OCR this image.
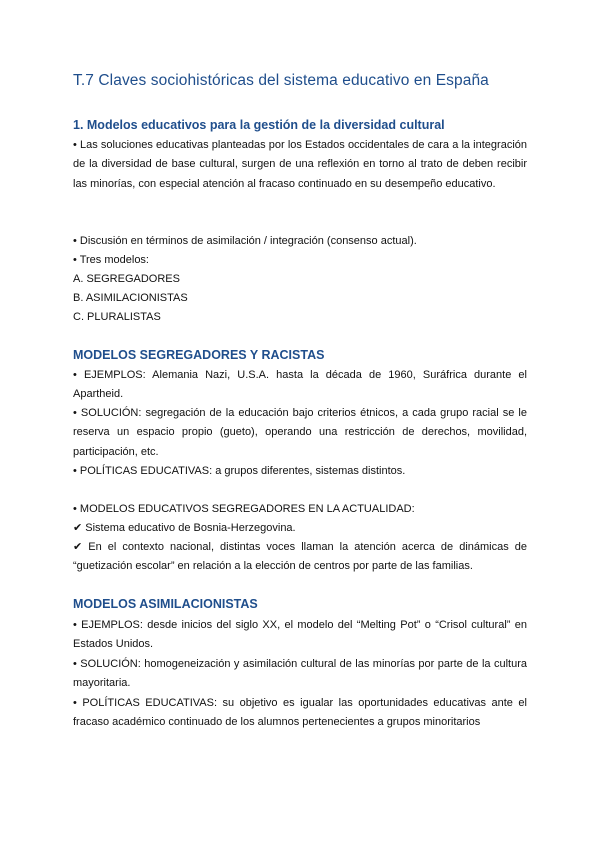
T.7 Claves sociohistóricas del sistema educativo en España
1. Modelos educativos para la gestión de la diversidad cultural
• Las soluciones educativas planteadas por los Estados occidentales de cara a la integración de la diversidad de base cultural, surgen de una reflexión en torno al trato de deben recibir las minorías, con especial atención al fracaso continuado en su desempeño educativo.
• Discusión en términos de asimilación / integración (consenso actual).
• Tres modelos:
A. SEGREGADORES
B. ASIMILACIONISTAS
C. PLURALISTAS
MODELOS SEGREGADORES Y RACISTAS
• EJEMPLOS: Alemania Nazi, U.S.A. hasta la década de 1960, Suráfrica durante el Apartheid.
• SOLUCIÓN: segregación de la educación bajo criterios étnicos, a cada grupo racial se le reserva un espacio propio (gueto), operando una restricción de derechos, movilidad, participación, etc.
• POLÍTICAS EDUCATIVAS: a grupos diferentes, sistemas distintos.
• MODELOS EDUCATIVOS SEGREGADORES EN LA ACTUALIDAD:
✔ Sistema educativo de Bosnia-Herzegovina.
✔ En el contexto nacional, distintas voces llaman la atención acerca de dinámicas de “guetización escolar” en relación a la elección de centros por parte de las familias.
MODELOS ASIMILACIONISTAS
• EJEMPLOS: desde inicios del siglo XX, el modelo del “Melting Pot” o “Crisol cultural” en Estados Unidos.
• SOLUCIÓN: homogeneización y asimilación cultural de las minorías por parte de la cultura mayoritaria.
• POLÍTICAS EDUCATIVAS: su objetivo es igualar las oportunidades educativas ante el fracaso académico continuado de los alumnos pertenecientes a grupos minoritarios
